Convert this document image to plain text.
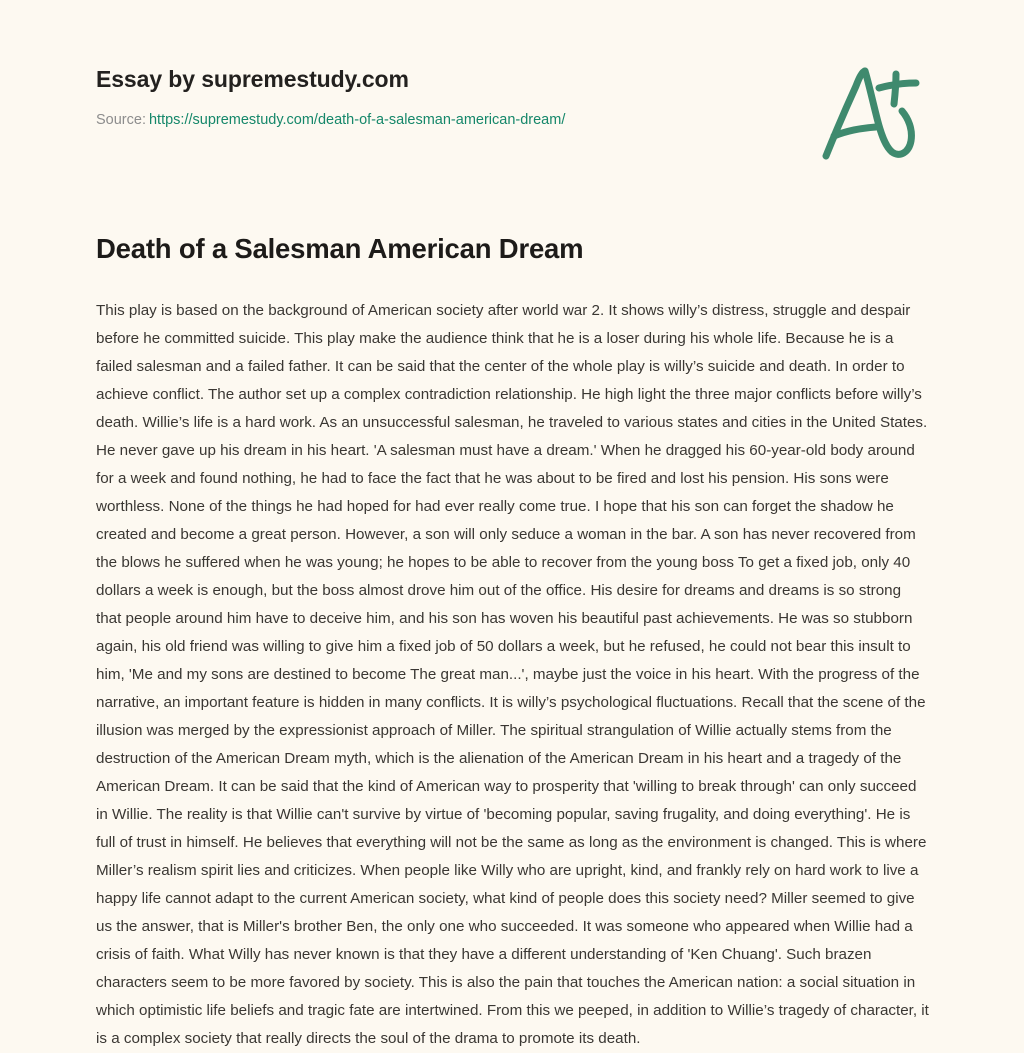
Essay by supremestudy.com
Source: https://supremestudy.com/death-of-a-salesman-american-dream/
Death of a Salesman American Dream

This play is based on the background of American society after world war 2. It shows willy’s distress, struggle and despair before he committed suicide. This play make the audience think that he is a loser during his whole life. Because he is a failed salesman and a failed father. It can be said that the center of the whole play is willy’s suicide and death. In order to achieve conflict. The author set up a complex contradiction relationship. He high light the three major conflicts before willy’s death. Willie’s life is a hard work. As an unsuccessful salesman, he traveled to various states and cities in the United States. He never gave up his dream in his heart. 'A salesman must have a dream.' When he dragged his 60-year-old body around for a week and found nothing, he had to face the fact that he was about to be fired and lost his pension. His sons were worthless. None of the things he had hoped for had ever really come true. I hope that his son can forget the shadow he created and become a great person. However, a son will only seduce a woman in the bar. A son has never recovered from the blows he suffered when he was young; he hopes to be able to recover from the young boss To get a fixed job, only 40 dollars a week is enough, but the boss almost drove him out of the office. His desire for dreams and dreams is so strong that people around him have to deceive him, and his son has woven his beautiful past achievements. He was so stubborn again, his old friend was willing to give him a fixed job of 50 dollars a week, but he refused, he could not bear this insult to him, 'Me and my sons are destined to become The great man...', maybe just the voice in his heart. With the progress of the narrative, an important feature is hidden in many conflicts. It is willy’s psychological fluctuations. Recall that the scene of the illusion was merged by the expressionist approach of Miller. The spiritual strangulation of Willie actually stems from the destruction of the American Dream myth, which is the alienation of the American Dream in his heart and a tragedy of the American Dream. It can be said that the kind of American way to prosperity that 'willing to break through' can only succeed in Willie. The reality is that Willie can't survive by virtue of 'becoming popular, saving frugality, and doing everything'. He is full of trust in himself. He believes that everything will not be the same as long as the environment is changed. This is where Miller’s realism spirit lies and criticizes. When people like Willy who are upright, kind, and frankly rely on hard work to live a happy life cannot adapt to the current American society, what kind of people does this society need? Miller seemed to give us the answer, that is Miller's brother Ben, the only one who succeeded. It was someone who appeared when Willie had a crisis of faith. What Willy has never known is that they have a different understanding of 'Ken Chuang'. Such brazen characters seem to be more favored by society. This is also the pain that touches the American nation: a social situation in which optimistic life beliefs and tragic fate are intertwined. From this we peeped, in addition to Willie’s tragedy of character, it is a complex society that really directs the soul of the drama to promote its death.
